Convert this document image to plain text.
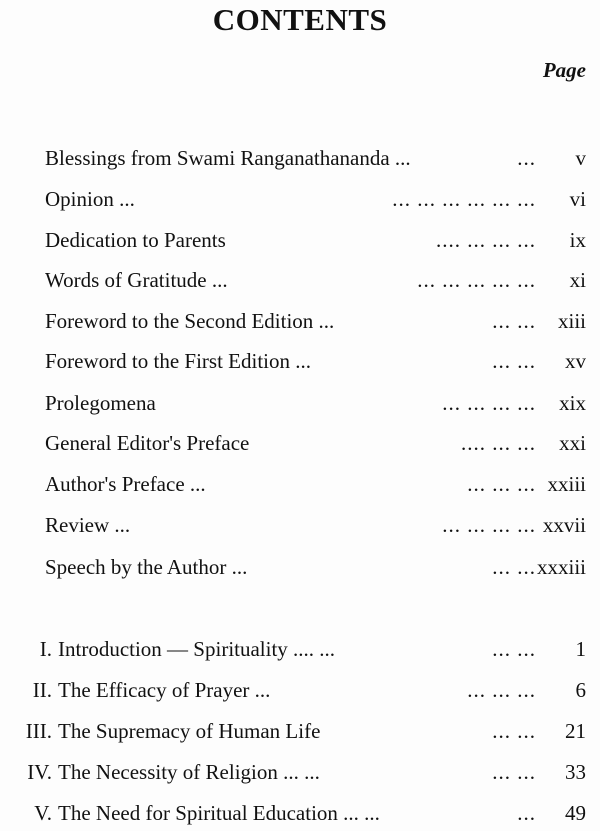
CONTENTS
Page
Blessings from Swami Ranganathananda ...	... v
Opinion ...	... ... ... ... ... ... vi
Dedication to Parents	.... ... ... ... ix
Words of Gratitude ...	... ... ... ... ... xi
Foreword to the Second Edition ...	... ... xiii
Foreword to the First Edition ...	... ... xv
Prolegomena	... ... ... ... xix
General Editor's Preface	.... ... ... xxi
Author's Preface ...	... ... ... xxiii
Review ...	... ... ... ... xxvii
Speech by the Author ...	... ... xxxiii
I. Introduction — Spirituality .... ...	... ... 1
II. The Efficacy of Prayer ...	... ... ... 6
III. The Supremacy of Human Life	... ... 21
IV. The Necessity of Religion ... ...	... ... 33
V. The Need for Spiritual Education ... ...	... 49
